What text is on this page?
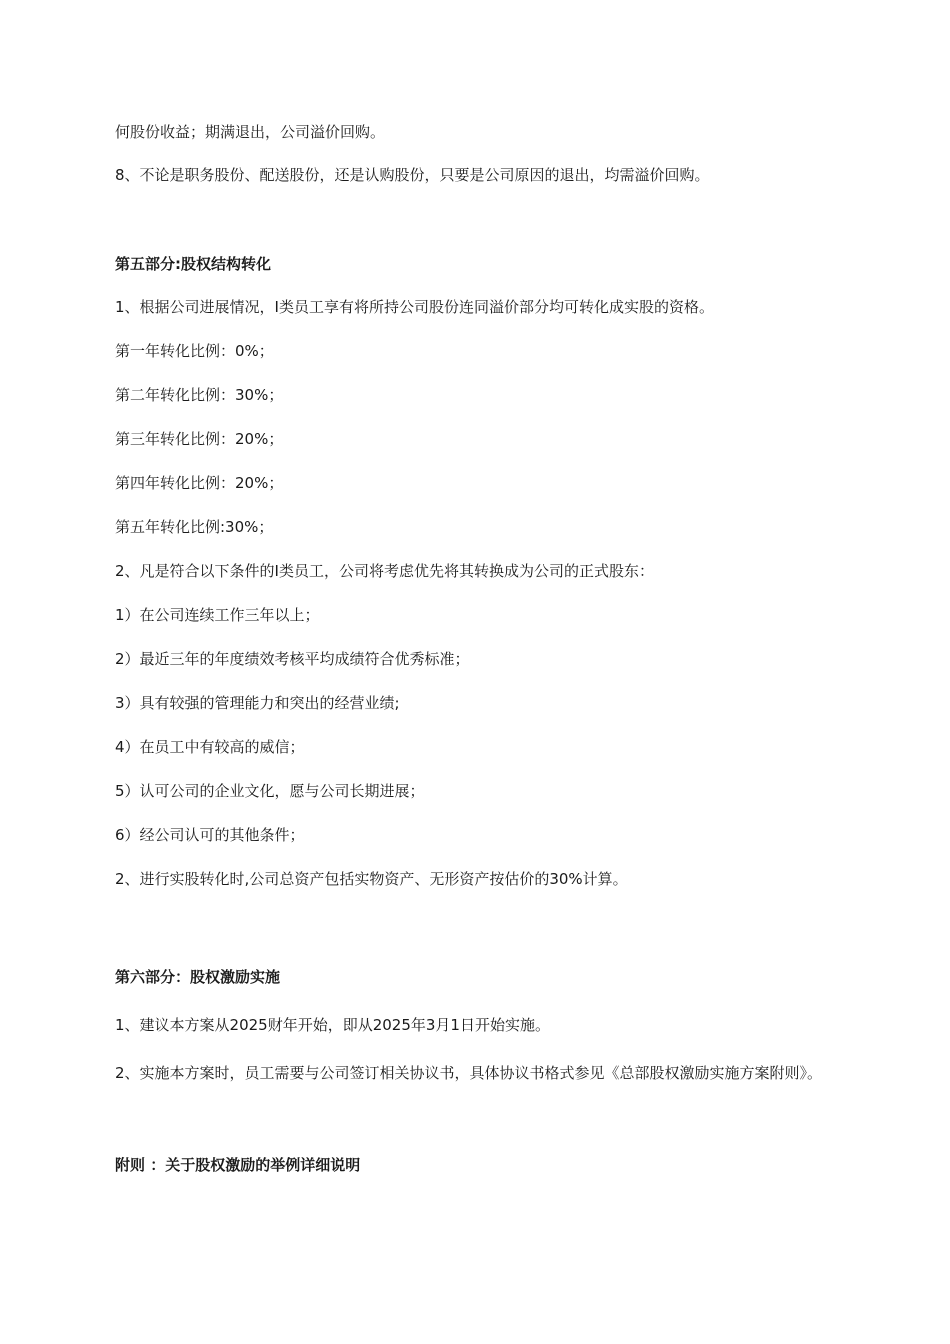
何股份收益；期满退出，公司溢价回购。
8、不论是职务股份、配送股份，还是认购股份，只要是公司原因的退出，均需溢价回购。
第五部分:股权结构转化
1、根据公司进展情况，Ⅰ类员工享有将所持公司股份连同溢价部分均可转化成实股的资格。
第一年转化比例：0%；
第二年转化比例：30%；
第三年转化比例：20%；
第四年转化比例：20%；
第五年转化比例:30%；
2、凡是符合以下条件的Ⅰ类员工，公司将考虑优先将其转换成为公司的正式股东：
1）在公司连续工作三年以上；
2）最近三年的年度绩效考核平均成绩符合优秀标准；
3）具有较强的管理能力和突出的经营业绩;
4）在员工中有较高的威信；
5）认可公司的企业文化，愿与公司长期进展；
6）经公司认可的其他条件；
2、进行实股转化时,公司总资产包括实物资产、无形资产按估价的30%计算。
第六部分：股权激励实施
1、建议本方案从2025财年开始，即从2025年3月1日开始实施。
2、实施本方案时，员工需要与公司签订相关协议书，具体协议书格式参见《总部股权激励实施方案附则》。
附则 ：关于股权激励的举例详细说明
